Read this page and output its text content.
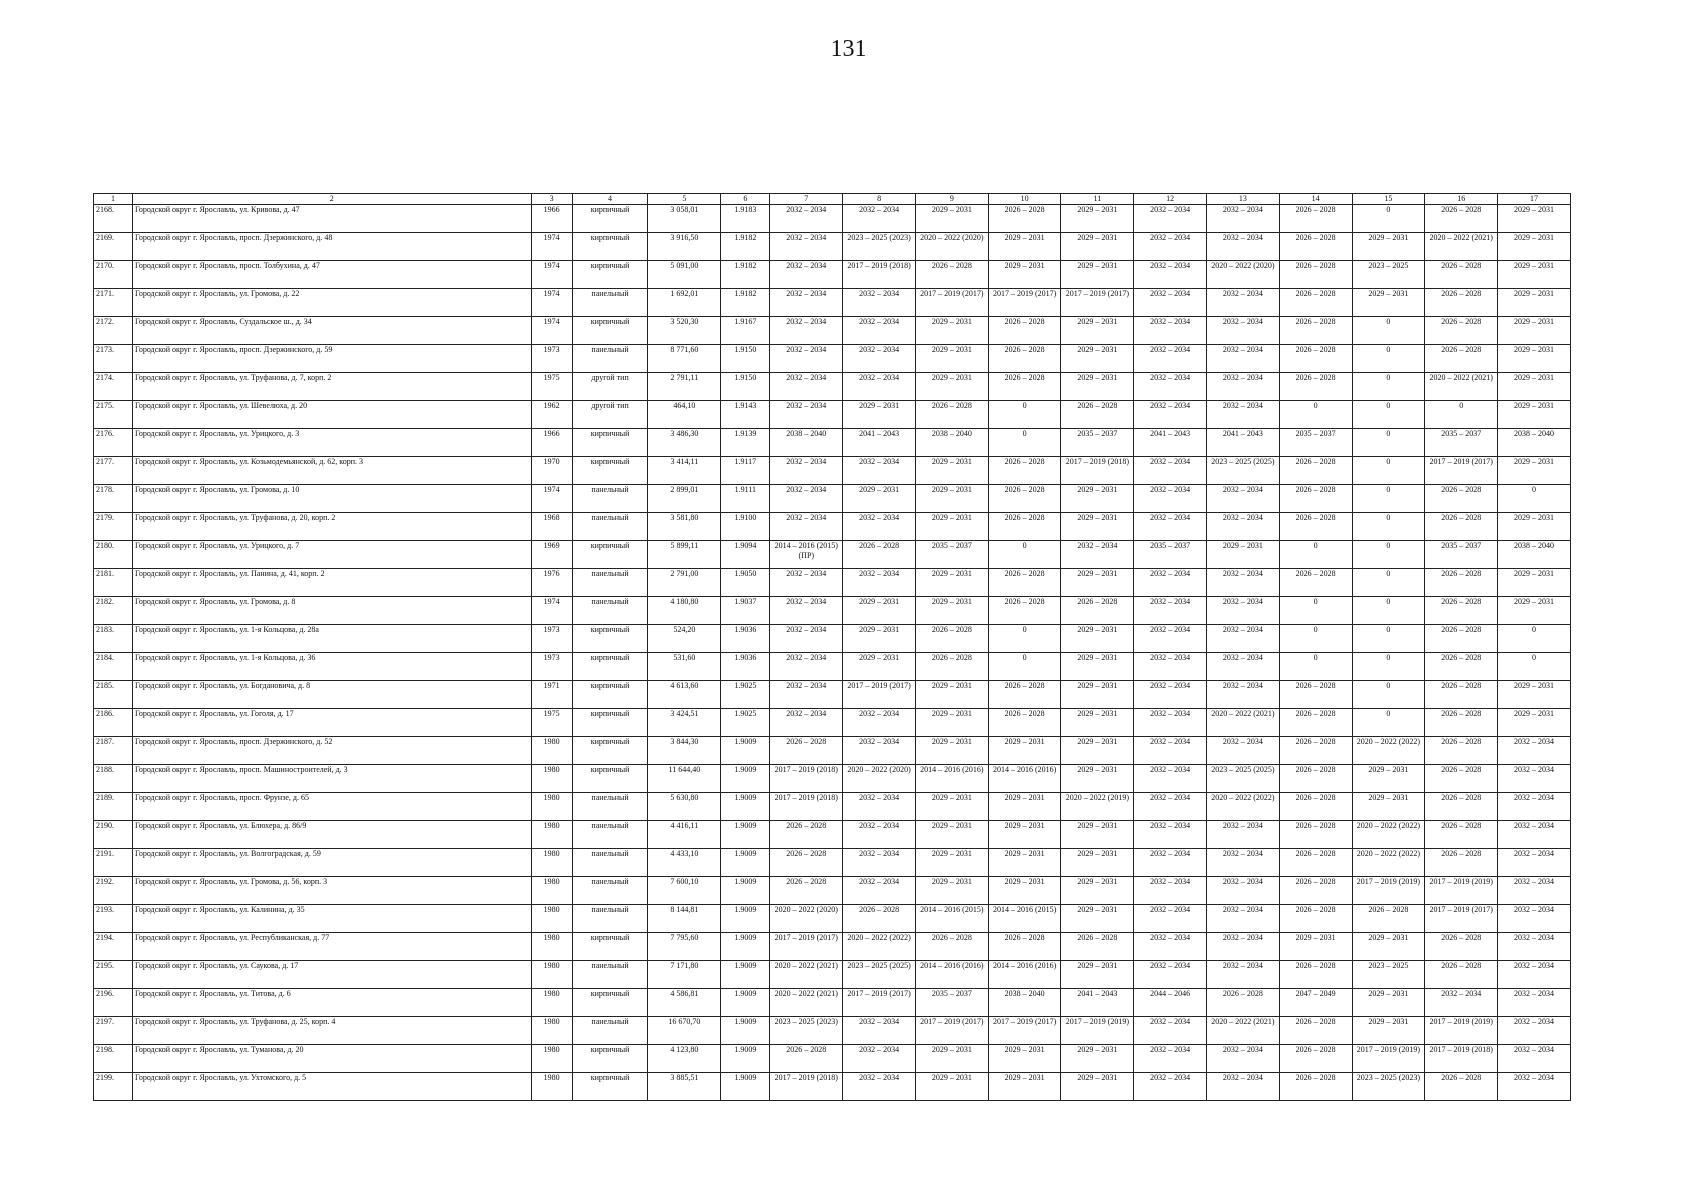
131
1	2	3	4	5	6	7	8	9	10	11	12	13	14	15	16	17
2168.	Городской округ г. Ярославль, ул. Кривова, д. 47	1966	кирпичный	3 058,01	1.9183	2032 – 2034	2032 – 2034	2029 – 2031	2026 – 2028	2029 – 2031	2032 – 2034	2032 – 2034	2026 – 2028	0	2026 – 2028	2029 – 2031
2169.	Городской округ г. Ярославль, просп. Дзержинского, д. 48	1974	кирпичный	3 916,50	1.9182	2032 – 2034	2023 – 2025 (2023)	2020 – 2022 (2020)	2029 – 2031	2029 – 2031	2032 – 2034	2032 – 2034	2026 – 2028	2029 – 2031	2020 – 2022 (2021)	2029 – 2031
2170.	Городской округ г. Ярославль, просп. Толбухина, д. 47	1974	кирпичный	5 091,00	1.9182	2032 – 2034	2017 – 2019 (2018)	2026 – 2028	2029 – 2031	2029 – 2031	2032 – 2034	2020 – 2022 (2020)	2026 – 2028	2023 – 2025	2026 – 2028	2029 – 2031
2171.	Городской округ г. Ярославль, ул. Громова, д. 22	1974	панельный	1 692,01	1.9182	2032 – 2034	2032 – 2034	2017 – 2019 (2017)	2017 – 2019 (2017)	2017 – 2019 (2017)	2032 – 2034	2032 – 2034	2026 – 2028	2029 – 2031	2026 – 2028	2029 – 2031
2172.	Городской округ г. Ярославль, Суздальское ш., д. 34	1974	кирпичный	3 520,30	1.9167	2032 – 2034	2032 – 2034	2029 – 2031	2026 – 2028	2029 – 2031	2032 – 2034	2032 – 2034	2026 – 2028	0	2026 – 2028	2029 – 2031
2173.	Городской округ г. Ярославль, просп. Дзержинского, д. 59	1973	панельный	8 771,60	1.9150	2032 – 2034	2032 – 2034	2029 – 2031	2026 – 2028	2029 – 2031	2032 – 2034	2032 – 2034	2026 – 2028	0	2026 – 2028	2029 – 2031
2174.	Городской округ г. Ярославль, ул. Труфанова, д. 7, корп. 2	1975	другой тип	2 791,11	1.9150	2032 – 2034	2032 – 2034	2029 – 2031	2026 – 2028	2029 – 2031	2032 – 2034	2032 – 2034	2026 – 2028	0	2020 – 2022 (2021)	2029 – 2031
2175.	Городской округ г. Ярославль, ул. Шевелюха, д. 20	1962	другой тип	464,10	1.9143	2032 – 2034	2029 – 2031	2026 – 2028	0	2026 – 2028	2032 – 2034	2032 – 2034	0	0	0	2029 – 2031
2176.	Городской округ г. Ярославль, ул. Урицкого, д. 3	1966	кирпичный	3 486,30	1.9139	2038 – 2040	2041 – 2043	2038 – 2040	0	2035 – 2037	2041 – 2043	2041 – 2043	2035 – 2037	0	2035 – 2037	2038 – 2040
2177.	Городской округ г. Ярославль, ул. Козьмодемьянской, д. 62, корп. 3	1970	кирпичный	3 414,11	1.9117	2032 – 2034	2032 – 2034	2029 – 2031	2026 – 2028	2017 – 2019 (2018)	2032 – 2034	2023 – 2025 (2025)	2026 – 2028	0	2017 – 2019 (2017)	2029 – 2031
2178.	Городской округ г. Ярославль, ул. Громова, д. 10	1974	панельный	2 899,01	1.9111	2032 – 2034	2029 – 2031	2029 – 2031	2026 – 2028	2029 – 2031	2032 – 2034	2032 – 2034	2026 – 2028	0	2026 – 2028	0
2179.	Городской округ г. Ярославль, ул. Труфанова, д. 20, корп. 2	1968	панельный	3 581,80	1.9100	2032 – 2034	2032 – 2034	2029 – 2031	2026 – 2028	2029 – 2031	2032 – 2034	2032 – 2034	2026 – 2028	0	2026 – 2028	2029 – 2031
2180.	Городской округ г. Ярославль, ул. Урицкого, д. 7	1969	кирпичный	5 899,11	1.9094	2014 – 2016 (2015) (ПР)	2026 – 2028	2035 – 2037	0	2032 – 2034	2035 – 2037	2029 – 2031	0	0	2035 – 2037	2038 – 2040
2181.	Городской округ г. Ярославль, ул. Панина, д. 41, корп. 2	1976	панельный	2 791,00	1.9050	2032 – 2034	2032 – 2034	2029 – 2031	2026 – 2028	2029 – 2031	2032 – 2034	2032 – 2034	2026 – 2028	0	2026 – 2028	2029 – 2031
2182.	Городской округ г. Ярославль, ул. Громова, д. 8	1974	панельный	4 180,80	1.9037	2032 – 2034	2029 – 2031	2029 – 2031	2026 – 2028	2026 – 2028	2032 – 2034	2032 – 2034	0	0	2026 – 2028	2029 – 2031
2183.	Городской округ г. Ярославль, ул. 1-я Кольцова, д. 28а	1973	кирпичный	524,20	1.9036	2032 – 2034	2029 – 2031	2026 – 2028	0	2029 – 2031	2032 – 2034	2032 – 2034	0	0	2026 – 2028	0
2184.	Городской округ г. Ярославль, ул. 1-я Кольцова, д. 36	1973	кирпичный	531,60	1.9036	2032 – 2034	2029 – 2031	2026 – 2028	0	2029 – 2031	2032 – 2034	2032 – 2034	0	0	2026 – 2028	0
2185.	Городской округ г. Ярославль, ул. Богдановича, д. 8	1971	кирпичный	4 613,60	1.9025	2032 – 2034	2017 – 2019 (2017)	2029 – 2031	2026 – 2028	2029 – 2031	2032 – 2034	2032 – 2034	2026 – 2028	0	2026 – 2028	2029 – 2031
2186.	Городской округ г. Ярославль, ул. Гоголя, д. 17	1975	кирпичный	3 424,51	1.9025	2032 – 2034	2032 – 2034	2029 – 2031	2026 – 2028	2029 – 2031	2032 – 2034	2020 – 2022 (2021)	2026 – 2028	0	2026 – 2028	2029 – 2031
2187.	Городской округ г. Ярославль, просп. Дзержинского, д. 52	1980	кирпичный	3 844,30	1.9009	2026 – 2028	2032 – 2034	2029 – 2031	2029 – 2031	2029 – 2031	2032 – 2034	2032 – 2034	2026 – 2028	2020 – 2022 (2022)	2026 – 2028	2032 – 2034
2188.	Городской округ г. Ярославль, просп. Машиностроителей, д. 3	1980	кирпичный	11 644,40	1.9009	2017 – 2019 (2018)	2020 – 2022 (2020)	2014 – 2016 (2016)	2014 – 2016 (2016)	2029 – 2031	2032 – 2034	2023 – 2025 (2025)	2026 – 2028	2029 – 2031	2026 – 2028	2032 – 2034
2189.	Городской округ г. Ярославль, просп. Фрунзе, д. 65	1980	панельный	5 630,80	1.9009	2017 – 2019 (2018)	2032 – 2034	2029 – 2031	2029 – 2031	2020 – 2022 (2019)	2032 – 2034	2020 – 2022 (2022)	2026 – 2028	2029 – 2031	2026 – 2028	2032 – 2034
2190.	Городской округ г. Ярославль, ул. Блюхера, д. 86/9	1980	панельный	4 416,11	1.9009	2026 – 2028	2032 – 2034	2029 – 2031	2029 – 2031	2029 – 2031	2032 – 2034	2032 – 2034	2026 – 2028	2020 – 2022 (2022)	2026 – 2028	2032 – 2034
2191.	Городской округ г. Ярославль, ул. Волгоградская, д. 59	1980	панельный	4 433,10	1.9009	2026 – 2028	2032 – 2034	2029 – 2031	2029 – 2031	2029 – 2031	2032 – 2034	2032 – 2034	2026 – 2028	2020 – 2022 (2022)	2026 – 2028	2032 – 2034
2192.	Городской округ г. Ярославль, ул. Громова, д. 56, корп. 3	1980	панельный	7 600,10	1.9009	2026 – 2028	2032 – 2034	2029 – 2031	2029 – 2031	2029 – 2031	2032 – 2034	2032 – 2034	2026 – 2028	2017 – 2019 (2019)	2017 – 2019 (2019)	2032 – 2034
2193.	Городской округ г. Ярославль, ул. Калинина, д. 35	1980	панельный	8 144,81	1.9009	2020 – 2022 (2020)	2026 – 2028	2014 – 2016 (2015)	2014 – 2016 (2015)	2029 – 2031	2032 – 2034	2032 – 2034	2026 – 2028	2026 – 2028	2017 – 2019 (2017)	2032 – 2034
2194.	Городской округ г. Ярославль, ул. Республиканская, д. 77	1980	кирпичный	7 795,60	1.9009	2017 – 2019 (2017)	2020 – 2022 (2022)	2026 – 2028	2026 – 2028	2026 – 2028	2032 – 2034	2032 – 2034	2029 – 2031	2029 – 2031	2026 – 2028	2032 – 2034
2195.	Городской округ г. Ярославль, ул. Саукова, д. 17	1980	панельный	7 171,80	1.9009	2020 – 2022 (2021)	2023 – 2025 (2025)	2014 – 2016 (2016)	2014 – 2016 (2016)	2029 – 2031	2032 – 2034	2032 – 2034	2026 – 2028	2023 – 2025	2026 – 2028	2032 – 2034
2196.	Городской округ г. Ярославль, ул. Титова, д. 6	1980	кирпичный	4 586,81	1.9009	2020 – 2022 (2021)	2017 – 2019 (2017)	2035 – 2037	2038 – 2040	2041 – 2043	2044 – 2046	2026 – 2028	2047 – 2049	2029 – 2031	2032 – 2034	2032 – 2034
2197.	Городской округ г. Ярославль, ул. Труфанова, д. 25, корп. 4	1980	панельный	16 670,70	1.9009	2023 – 2025 (2023)	2032 – 2034	2017 – 2019 (2017)	2017 – 2019 (2017)	2017 – 2019 (2019)	2032 – 2034	2020 – 2022 (2021)	2026 – 2028	2029 – 2031	2017 – 2019 (2019)	2032 – 2034
2198.	Городской округ г. Ярославль, ул. Туманова, д. 20	1980	кирпичный	4 123,80	1.9009	2026 – 2028	2032 – 2034	2029 – 2031	2029 – 2031	2029 – 2031	2032 – 2034	2032 – 2034	2026 – 2028	2017 – 2019 (2019)	2017 – 2019 (2018)	2032 – 2034
2199.	Городской округ г. Ярославль, ул. Ухтомского, д. 5	1980	кирпичный	3 885,51	1.9009	2017 – 2019 (2018)	2032 – 2034	2029 – 2031	2029 – 2031	2029 – 2031	2032 – 2034	2032 – 2034	2026 – 2028	2023 – 2025 (2023)	2026 – 2028	2032 – 2034
